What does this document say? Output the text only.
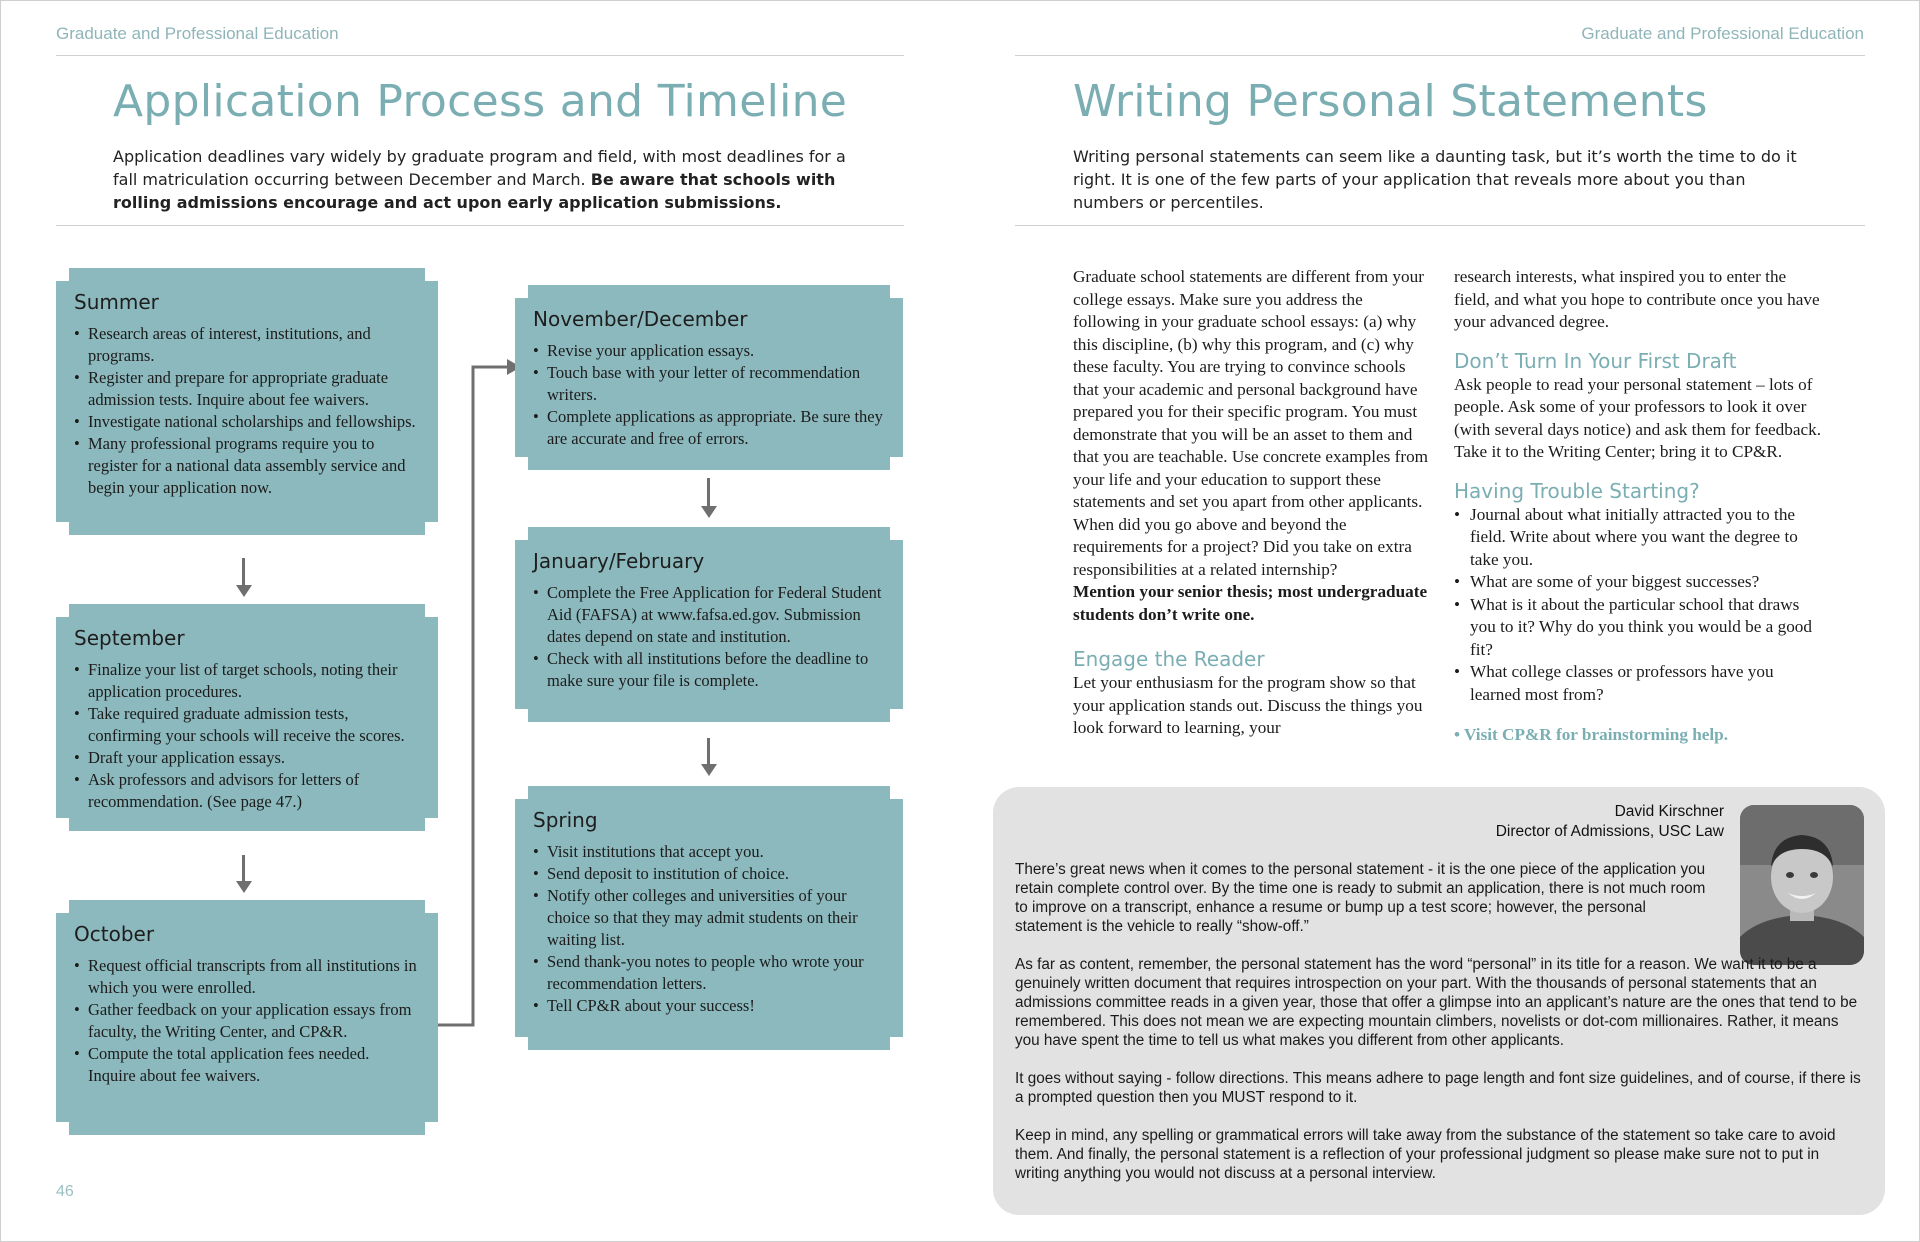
Graduate and Professional Education
Application Process and Timeline

Application deadlines vary widely by graduate program and field, with most deadlines for a fall matriculation occurring between December and March. Be aware that schools with rolling admissions encourage and act upon early application submissions.

Summer
• Research areas of interest, institutions, and programs.
• Register and prepare for appropriate graduate admission tests. Inquire about fee waivers.
• Investigate national scholarships and fellowships.
• Many professional programs require you to register for a national data assembly service and begin your application now.
September
• Finalize your list of target schools, noting their application procedures.
• Take required graduate admission tests, confirming your schools will receive the scores.
• Draft your application essays.
• Ask professors and advisors for letters of recommendation. (See page 47.)
October
• Request official transcripts from all institutions in which you were enrolled.
• Gather feedback on your application essays from faculty, the Writing Center, and CP&R.
• Compute the total application fees needed. Inquire about fee waivers.
November/December
• Revise your application essays.
• Touch base with your letter of recommendation writers.
• Complete applications as appropriate. Be sure they are accurate and free of errors.
January/February
• Complete the Free Application for Federal Student Aid (FAFSA) at www.fafsa.ed.gov. Submission dates depend on state and institution.
• Check with all institutions before the deadline to make sure your file is complete.
Spring
• Visit institutions that accept you.
• Send deposit to institution of choice.
• Notify other colleges and universities of your choice so that they may admit students on their waiting list.
• Send thank-you notes to people who wrote your recommendation letters.
• Tell CP&R about your success!
46
Graduate and Professional Education
Writing Personal Statements

Writing personal statements can seem like a daunting task, but it’s worth the time to do it right. It is one of the few parts of your application that reveals more about you than numbers or percentiles.

Graduate school statements are different from your college essays. Make sure you address the following in your graduate school essays: (a) why this discipline, (b) why this program, and (c) why these faculty. You are trying to convince schools that your academic and personal background have prepared you for their specific program. You must demonstrate that you will be an asset to them and that you are teachable. Use concrete examples from your life and your education to support these statements and set you apart from other applicants. When did you go above and beyond the requirements for a project? Did you take on extra responsibilities at a related internship?

Mention your senior thesis; most undergraduate students don’t write one.

Engage the Reader

Let your enthusiasm for the program show so that your application stands out. Discuss the things you look forward to learning, your

research interests, what inspired you to enter the field, and what you hope to contribute once you have your advanced degree.

Don’t Turn In Your First Draft

Ask people to read your personal statement – lots of people. Ask some of your professors to look it over (with several days notice) and ask them for feedback. Take it to the Writing Center; bring it to CP&R.

Having Trouble Starting?
• Journal about what initially attracted you to the field. Write about where you want the degree to take you.
• What are some of your biggest successes?
• What is it about the particular school that draws you to it? Why do you think you would be a good fit?
• What college classes or professors have you learned most from?

• Visit CP&R for brainstorming help.

David Kirschner
Director of Admissions, USC Law

There’s great news when it comes to the personal statement - it is the one piece of the application you retain complete control over. By the time one is ready to submit an application, there is not much room to improve on a transcript, enhance a resume or bump up a test score; however, the personal statement is the vehicle to really “show-off.”

As far as content, remember, the personal statement has the word “personal” in its title for a reason. We want it to be a genuinely written document that requires introspection on your part. With the thousands of personal statements that an admissions committee reads in a given year, those that offer a glimpse into an applicant’s nature are the ones that tend to be remembered. This does not mean we are expecting mountain climbers, novelists or dot-com millionaires. Rather, it means you have spent the time to tell us what makes you different from other applicants.

It goes without saying - follow directions. This means adhere to page length and font size guidelines, and of course, if there is a prompted question then you MUST respond to it.

Keep in mind, any spelling or grammatical errors will take away from the substance of the statement so take care to avoid them. And finally, the personal statement is a reflection of your professional judgment so please make sure not to put in writing anything you would not discuss at a personal interview.
